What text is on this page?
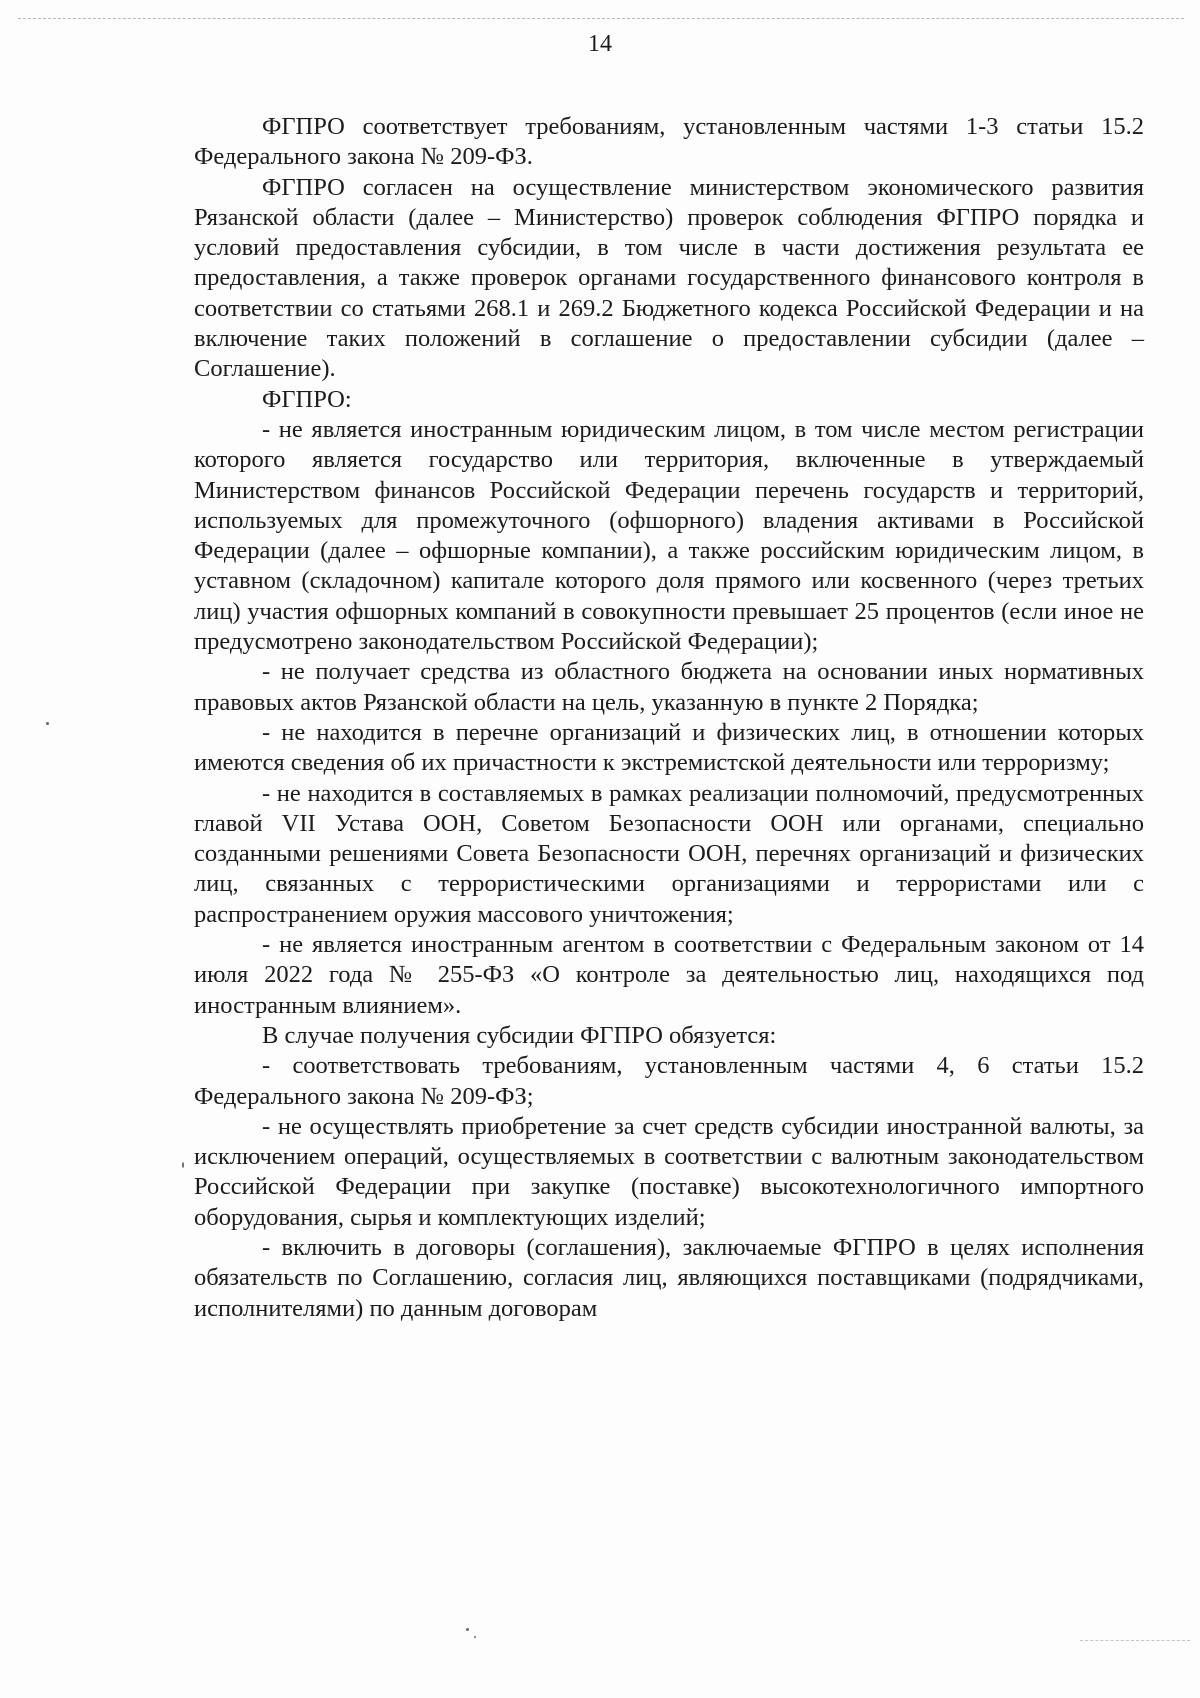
14

ФГПРО соответствует требованиям, установленным частями 1-3 статьи 15.2 Федерального закона № 209-ФЗ.

ФГПРО согласен на осуществление министерством экономического развития Рязанской области (далее – Министерство) проверок соблюдения ФГПРО порядка и условий предоставления субсидии, в том числе в части достижения результата ее предоставления, а также проверок органами государственного финансового контроля в соответствии со статьями 268.1 и 269.2 Бюджетного кодекса Российской Федерации и на включение таких положений в соглашение о предоставлении субсидии (далее – Соглашение).

ФГПРО:

- не является иностранным юридическим лицом, в том числе местом регистрации которого является государство или территория, включенные в утверждаемый Министерством финансов Российской Федерации перечень государств и территорий, используемых для промежуточного (офшорного) владения активами в Российской Федерации (далее – офшорные компании), а также российским юридическим лицом, в уставном (складочном) капитале которого доля прямого или косвенного (через третьих лиц) участия офшорных компаний в совокупности превышает 25 процентов (если иное не предусмотрено законодательством Российской Федерации);

- не получает средства из областного бюджета на основании иных нормативных правовых актов Рязанской области на цель, указанную в пункте 2 Порядка;

- не находится в перечне организаций и физических лиц, в отношении которых имеются сведения об их причастности к экстремистской деятельности или терроризму;

- не находится в составляемых в рамках реализации полномочий, предусмотренных главой VII Устава ООН, Советом Безопасности ООН или органами, специально созданными решениями Совета Безопасности ООН, перечнях организаций и физических лиц, связанных с террористическими организациями и террористами или с распространением оружия массового уничтожения;

- не является иностранным агентом в соответствии с Федеральным законом от 14 июля 2022 года № 255-ФЗ «О контроле за деятельностью лиц, находящихся под иностранным влиянием».

В случае получения субсидии ФГПРО обязуется:

- соответствовать требованиям, установленным частями 4, 6 статьи 15.2 Федерального закона № 209-ФЗ;

- не осуществлять приобретение за счет средств субсидии иностранной валюты, за исключением операций, осуществляемых в соответствии с валютным законодательством Российской Федерации при закупке (поставке) высокотехнологичного импортного оборудования, сырья и комплектующих изделий;

- включить в договоры (соглашения), заключаемые ФГПРО в целях исполнения обязательств по Соглашению, согласия лиц, являющихся поставщиками (подрядчиками, исполнителями) по данным договорам
